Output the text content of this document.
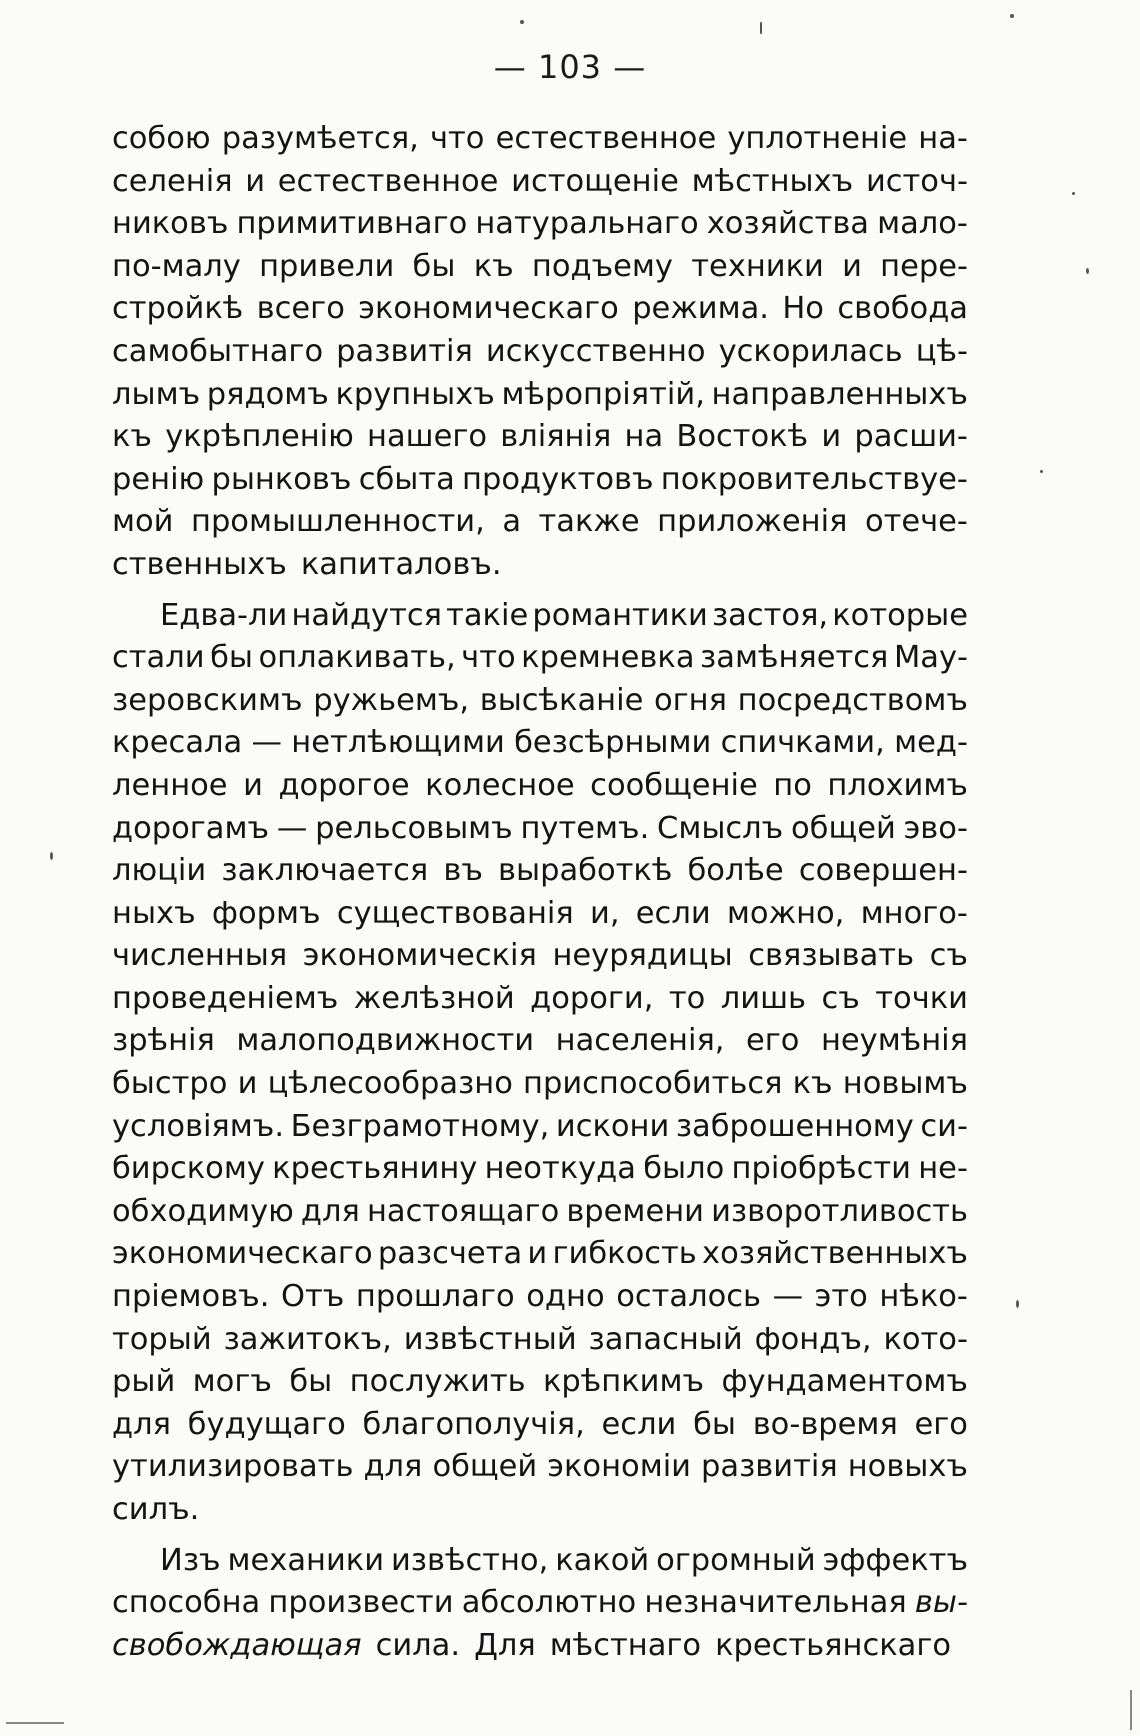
— 103 —
собою разумѣется, что естественное уплотненіе на-
селенія и естественное истощеніе мѣстныхъ источ-
никовъ примитивнаго натуральнаго хозяйства мало-
по-малу привели бы къ подъему техники и пере-
стройкѣ всего экономическаго режима. Но свобода
самобытнаго развитія искусственно ускорилась цѣ-
лымъ рядомъ крупныхъ мѣропріятій, направленныхъ
къ укрѣпленію нашего вліянія на Востокѣ и расши-
ренію рынковъ сбыта продуктовъ покровительствуе-
мой промышленности, а также приложенія отече-
ственныхъ капиталовъ.
Едва-ли найдутся такіе романтики застоя, которые
стали бы оплакивать, что кремневка замѣняется Мау-
зеровскимъ ружьемъ, высѣканіе огня посредствомъ
кресала — нетлѣющими безсѣрными спичками, мед-
ленное и дорогое колесное сообщеніе по плохимъ
дорогамъ — рельсовымъ путемъ. Смыслъ общей эво-
люціи заключается въ выработкѣ болѣе совершен-
ныхъ формъ существованія и, если можно, много-
численныя экономическія неурядицы связывать съ
проведеніемъ желѣзной дороги, то лишь съ точки
зрѣнія малоподвижности населенія, его неумѣнія
быстро и цѣлесообразно приспособиться къ новымъ
условіямъ. Безграмотному, искони заброшенному си-
бирскому крестьянину неоткуда было пріобрѣсти не-
обходимую для настоящаго времени изворотливость
экономическаго разсчета и гибкость хозяйственныхъ
пріемовъ. Отъ прошлаго одно осталось — это нѣко-
торый зажитокъ, извѣстный запасный фондъ, кото-
рый могъ бы послужить крѣпкимъ фундаментомъ
для будущаго благополучія, если бы во-время его
утилизировать для общей экономіи развитія новыхъ
силъ.
Изъ механики извѣстно, какой огромный эффектъ
способна произвести абсолютно незначительная вы-
свобождающая сила. Для мѣстнаго крестьянскаго
